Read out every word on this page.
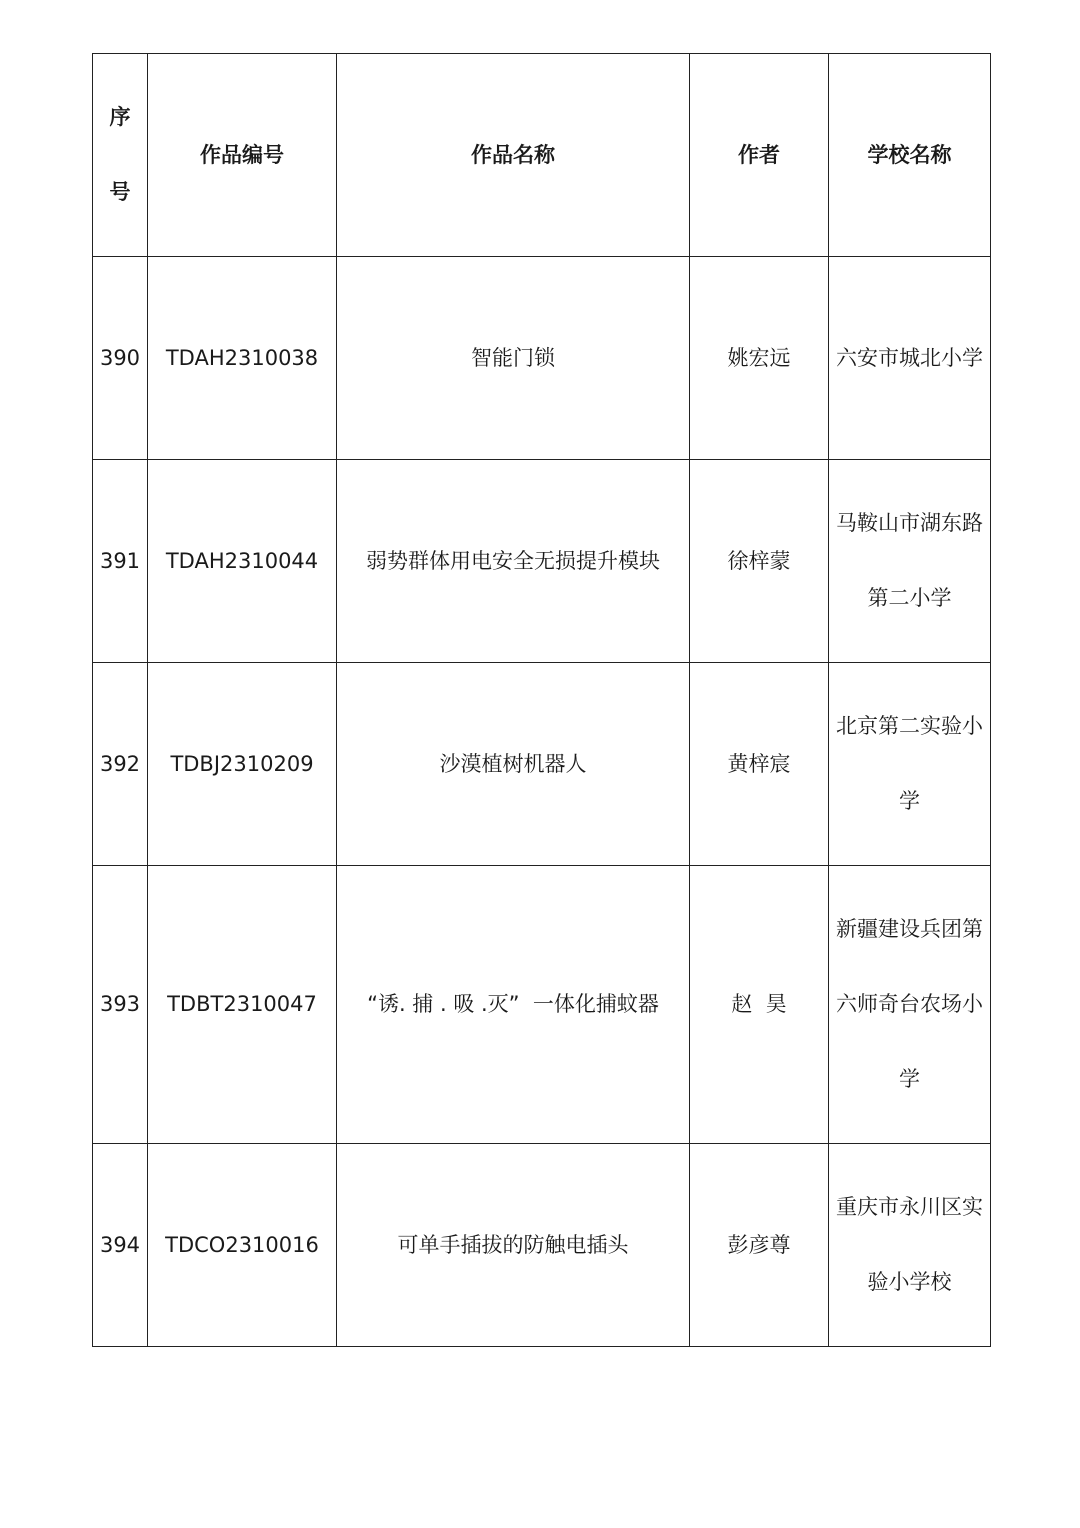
序号	作品编号	作品名称	作者	学校名称
390	TDAH2310038	智能门锁	姚宏远	六安市城北小学
391	TDAH2310044	弱势群体用电安全无损提升模块	徐梓蒙	马鞍山市湖东路第二小学
392	TDBJ2310209	沙漠植树机器人	黄梓宸	北京第二实验小学
393	TDBT2310047	“诱. 捕 . 吸 .灭”  一体化捕蚊器	赵  昊	新疆建设兵团第六师奇台农场小学
394	TDCO2310016	可单手插拔的防触电插头	彭彦尊	重庆市永川区实验小学校
